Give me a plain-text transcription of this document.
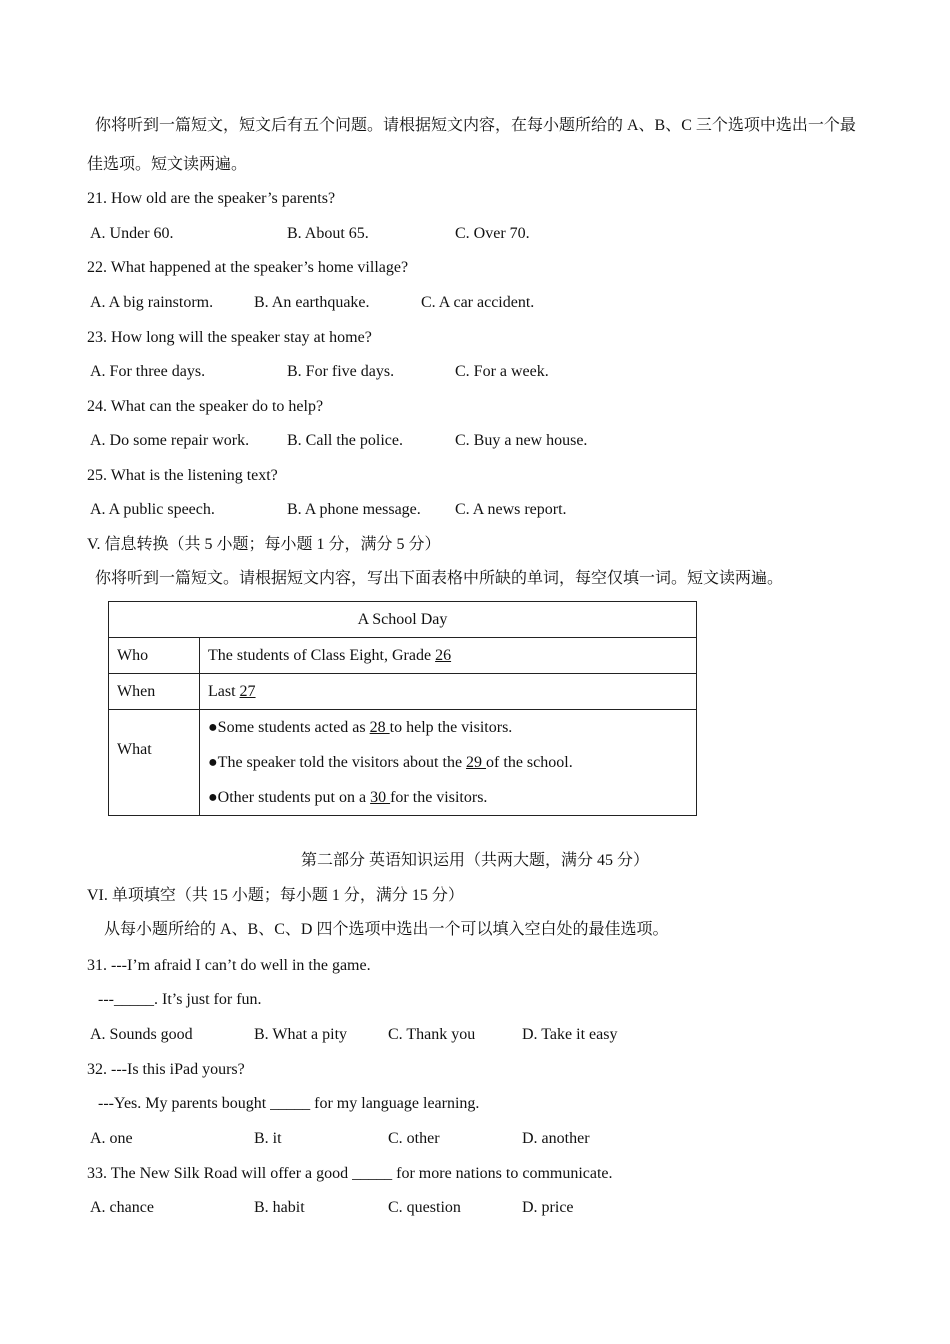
你将听到一篇短文，短文后有五个问题。请根据短文内容，在每小题所给的 A、B、C 三个选项中选出一个最
佳选项。短文读两遍。
21. How old are the speaker’s parents?
A. Under 60.	B. About 65.	C. Over 70.
22. What happened at the speaker’s home village?
A. A big rainstorm.	B. An earthquake.	C. A car accident.
23. How long will the speaker stay at home?
A. For three days.	B. For five days.	C. For a week.
24. What can the speaker do to help?
A. Do some repair work. B. Call the police.	C. Buy a new house.
25. What is the listening text?
A. A public speech.	B. A phone message. C. A news report.
V. 信息转换（共 5 小题；每小题 1 分，满分 5 分）
你将听到一篇短文。请根据短文内容，写出下面表格中所缺的单词，每空仅填一词。短文读两遍。
A School Day	
Who	The students of Class Eight, Grade 26
When	Last 27
What	●Some students acted as 28 to help the visitors.
●The speaker told the visitors about the 29 of the school.
●Other students put on a 30 for the visitors.
第二部分 英语知识运用（共两大题，满分 45 分）
VI. 单项填空（共 15 小题；每小题 1 分，满分 15 分）
从每小题所给的 A、B、C、D 四个选项中选出一个可以填入空白处的最佳选项。
31. ---I’m afraid I can’t do well in the game.
---_____. It’s just for fun.
A. Sounds good	B. What a pity	C. Thank you	D. Take it easy
32. ---Is this iPad yours?
---Yes. My parents bought _____ for my language learning.
A. one	B. it	C. other	D. another
33. The New Silk Road will offer a good _____ for more nations to communicate.
A. chance	B. habit	C. question	D. price
